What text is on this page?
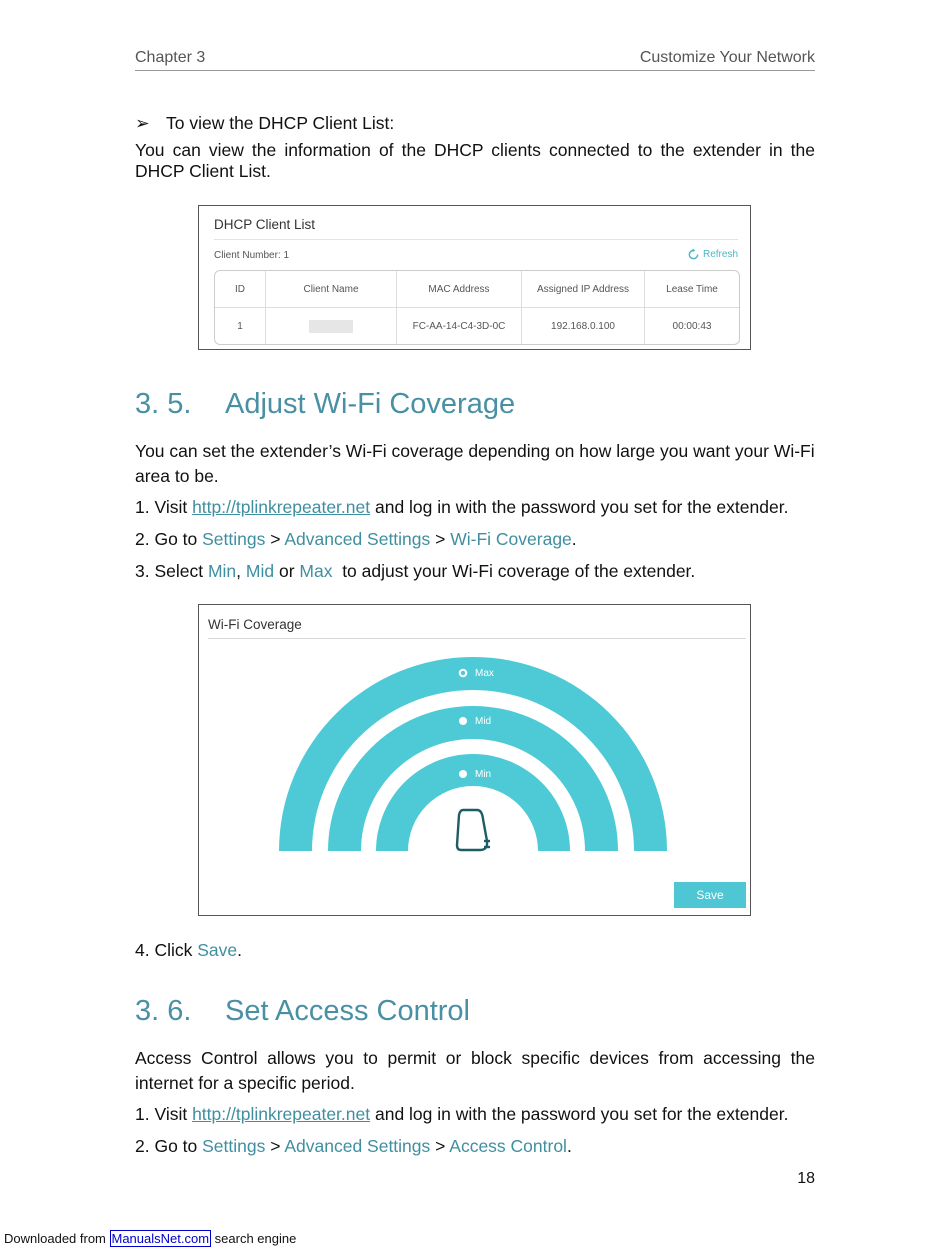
Chapter 3	Customize Your Network
➢ To view the DHCP Client List:
You can view the information of the DHCP clients connected to the extender in the DHCP Client List.
DHCP Client List
Client Number: 1	Refresh
ID	Client Name	MAC Address	Assigned IP Address	Lease Time
1		FC-AA-14-C4-3D-0C	192.168.0.100	00:00:43
3. 5. Adjust Wi-Fi Coverage
You can set the extender’s Wi-Fi coverage depending on how large you want your Wi-Fi area to be.
1. Visit http://tplinkrepeater.net and log in with the password you set for the extender.
2. Go to Settings > Advanced Settings > Wi-Fi Coverage.
3. Select Min, Mid or Max  to adjust your Wi-Fi coverage of the extender.
Wi-Fi Coverage
Max
Mid
Min
Save
4. Click Save.
3. 6. Set Access Control
Access Control allows you to permit or block specific devices from accessing the internet for a specific period.
1. Visit http://tplinkrepeater.net and log in with the password you set for the extender.
2. Go to Settings > Advanced Settings > Access Control.
18
Downloaded from ManualsNet.com search engine
